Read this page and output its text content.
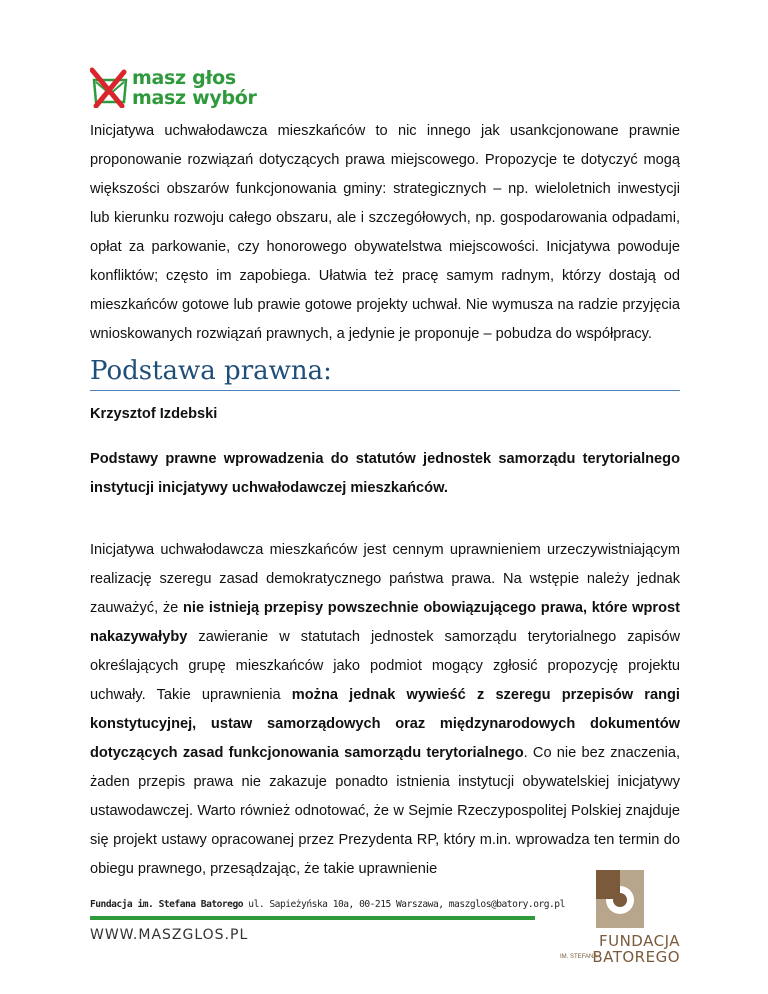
masz głos
masz wybór

Inicjatywa uchwałodawcza mieszkańców to nic innego jak usankcjonowane prawnie proponowanie rozwiązań dotyczących prawa miejscowego. Propozycje te dotyczyć mogą większości obszarów funkcjonowania gminy: strategicznych – np. wieloletnich inwestycji lub kierunku rozwoju całego obszaru, ale i szczegółowych, np. gospodarowania odpadami, opłat za parkowanie, czy honorowego obywatelstwa miejscowości. Inicjatywa powoduje konfliktów; często im zapobiega. Ułatwia też pracę samym radnym, którzy dostają od mieszkańców gotowe lub prawie gotowe projekty uchwał. Nie wymusza na radzie przyjęcia wnioskowanych rozwiązań prawnych, a jedynie je proponuje – pobudza do współpracy.

Podstawa prawna:
Krzysztof Izdebski
Podstawy prawne wprowadzenia do statutów jednostek samorządu terytorialnego instytucji inicjatywy uchwałodawczej mieszkańców.

Inicjatywa uchwałodawcza mieszkańców jest cennym uprawnieniem urzeczywistniającym realizację szeregu zasad demokratycznego państwa prawa. Na wstępie należy jednak zauważyć, że nie istnieją przepisy powszechnie obowiązującego prawa, które wprost nakazywałyby zawieranie w statutach jednostek samorządu terytorialnego zapisów określających grupę mieszkańców jako podmiot mogący zgłosić propozycję projektu uchwały. Takie uprawnienia można jednak wywieść z szeregu przepisów rangi konstytucyjnej, ustaw samorządowych oraz międzynarodowych dokumentów dotyczących zasad funkcjonowania samorządu terytorialnego. Co nie bez znaczenia, żaden przepis prawa nie zakazuje ponadto istnienia instytucji obywatelskiej inicjatywy ustawodawczej. Warto również odnotować, że w Sejmie Rzeczypospolitej Polskiej znajduje się projekt ustawy opracowanej przez Prezydenta RP, który m.in. wprowadza ten termin do obiegu prawnego, przesądzając, że takie uprawnienie

Fundacja im. Stefana Batorego ul. Sapieżyńska 10a, 00-215 Warszawa, maszglos@batory.org.pl
WWW.MASZGLOS.PL
IM. STEFANA
FUNDACJA
BATOREGO
